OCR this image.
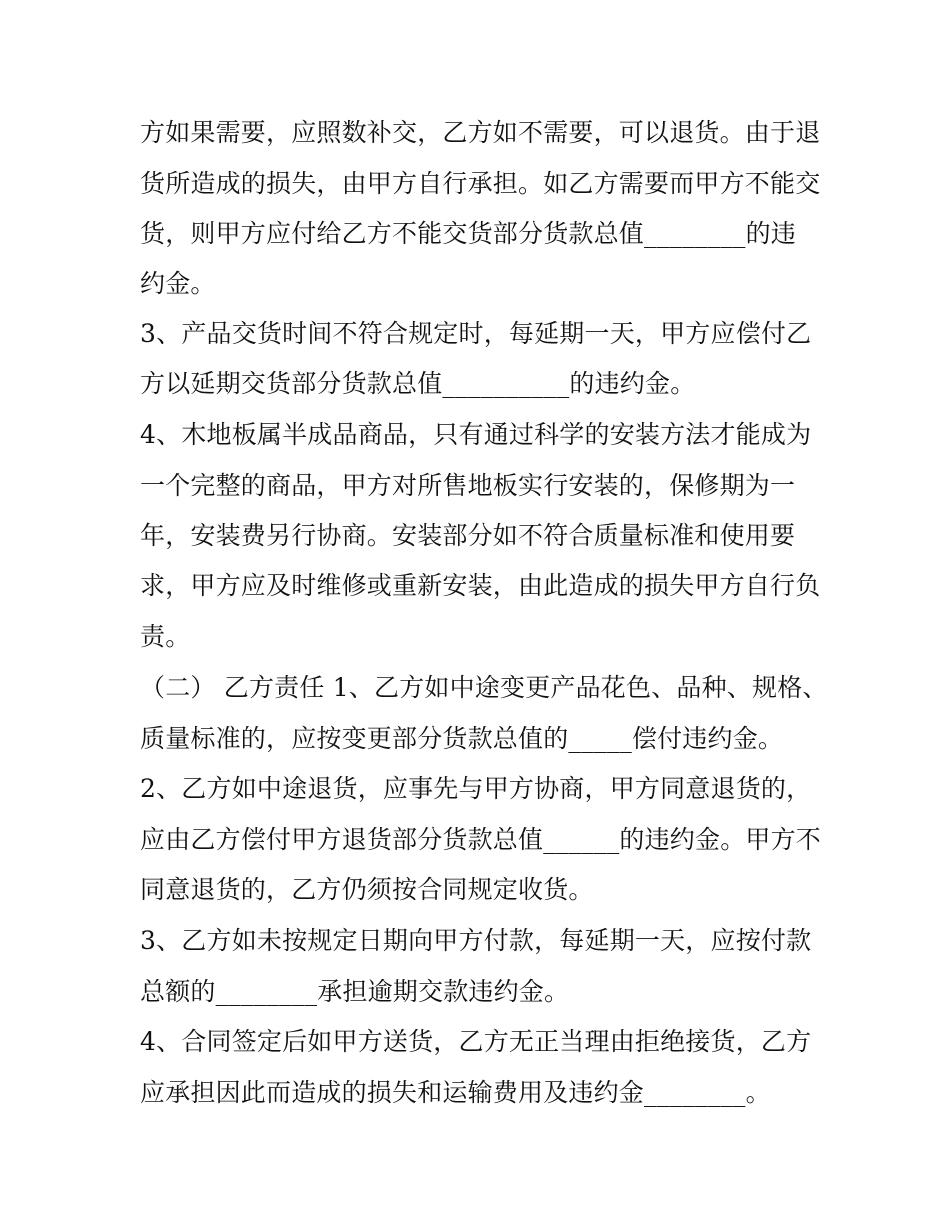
方如果需要，应照数补交，乙方如不需要，可以退货。由于退
货所造成的损失，由甲方自行承担。如乙方需要而甲方不能交
货，则甲方应付给乙方不能交货部分货款总值________的违
约金。
3、产品交货时间不符合规定时，每延期一天，甲方应偿付乙
方以延期交货部分货款总值__________的违约金。
4、木地板属半成品商品，只有通过科学的安装方法才能成为
一个完整的商品，甲方对所售地板实行安装的，保修期为一
年，安装费另行协商。安装部分如不符合质量标准和使用要
求，甲方应及时维修或重新安装，由此造成的损失甲方自行负
责。
（二） 乙方责任 1、乙方如中途变更产品花色、品种、规格、
质量标准的，应按变更部分货款总值的_____偿付违约金。
2、乙方如中途退货，应事先与甲方协商，甲方同意退货的，
应由乙方偿付甲方退货部分货款总值______的违约金。甲方不
同意退货的，乙方仍须按合同规定收货。
3、乙方如未按规定日期向甲方付款，每延期一天，应按付款
总额的________承担逾期交款违约金。
4、合同签定后如甲方送货，乙方无正当理由拒绝接货，乙方
应承担因此而造成的损失和运输费用及违约金________。
